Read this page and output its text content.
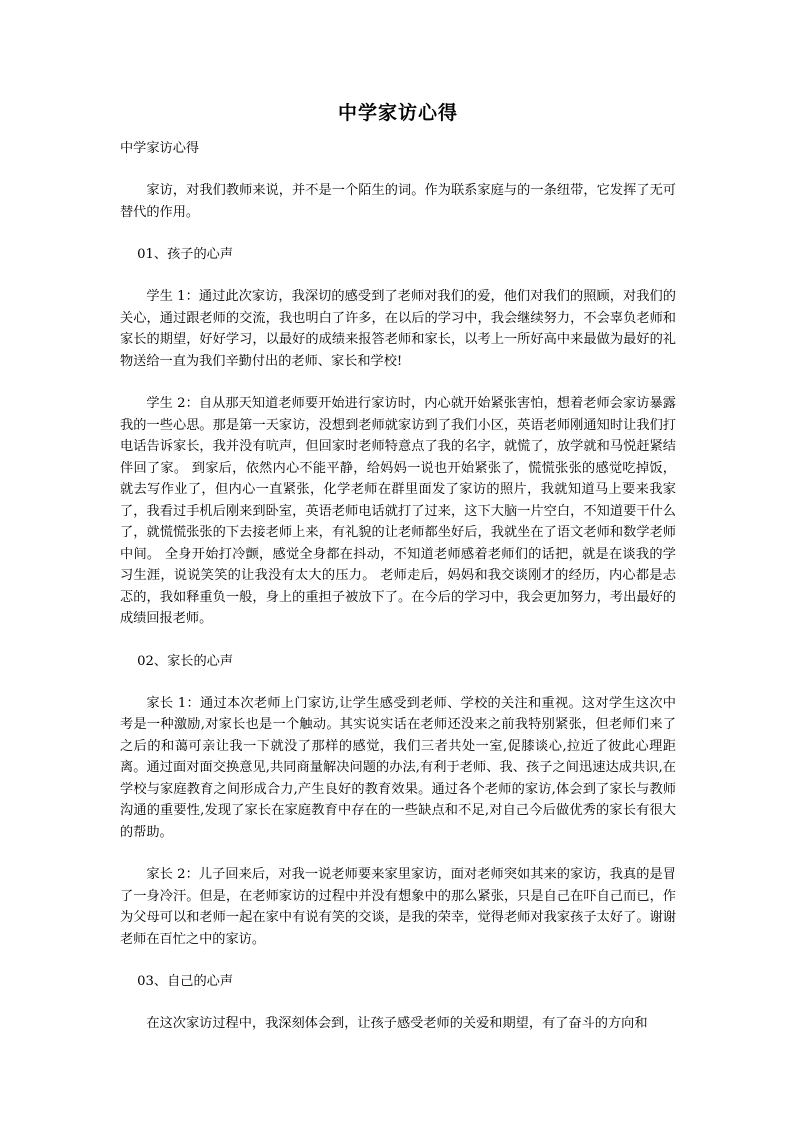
中学家访心得

中学家访心得

家访，对我们教师来说，并不是一个陌生的词。作为联系家庭与的一条纽带，它发挥了无可替代的作用。

01、孩子的心声

学生 1：通过此次家访，我深切的感受到了老师对我们的爱，他们对我们的照顾，对我们的关心，通过跟老师的交流，我也明白了许多，在以后的学习中，我会继续努力，不会辜负老师和家长的期望，好好学习，以最好的成绩来报答老师和家长，以考上一所好高中来最做为最好的礼物送给一直为我们辛勤付出的老师、家长和学校!

学生 2：自从那天知道老师要开始进行家访时，内心就开始紧张害怕，想着老师会家访暴露我的一些心思。那是第一天家访，没想到老师就家访到了我们小区，英语老师刚通知时让我们打电话告诉家长，我并没有吭声，但回家时老师特意点了我的名字，就慌了，放学就和马悦赶紧结伴回了家。 到家后，依然内心不能平静，给妈妈一说也开始紧张了，慌慌张张的感觉吃掉饭，就去写作业了，但内心一直紧张，化学老师在群里面发了家访的照片，我就知道马上要来我家了，我看过手机后刚来到卧室，英语老师电话就打了过来，这下大脑一片空白，不知道要干什么了，就慌慌张张的下去接老师上来，有礼貌的让老师都坐好后，我就坐在了语文老师和数学老师中间。 全身开始打冷颤，感觉全身都在抖动，不知道老师感着老师们的话把，就是在谈我的学习生涯，说说笑笑的让我没有太大的压力。 老师走后，妈妈和我交谈刚才的经历，内心都是忐忑的，我如释重负一般，身上的重担子被放下了。在今后的学习中，我会更加努力，考出最好的成绩回报老师。

02、家长的心声

家长 1：通过本次老师上门家访,让学生感受到老师、学校的关注和重视。这对学生这次中考是一种激励,对家长也是一个触动。其实说实话在老师还没来之前我特别紧张，但老师们来了之后的和蔼可亲让我一下就没了那样的感觉，我们三者共处一室,促膝谈心,拉近了彼此心理距离。通过面对面交换意见,共同商量解决问题的办法,有利于老师、我、孩子之间迅速达成共识,在学校与家庭教育之间形成合力,产生良好的教育效果。通过各个老师的家访,体会到了家长与教师沟通的重要性,发现了家长在家庭教育中存在的一些缺点和不足,对自己今后做优秀的家长有很大的帮助。

家长 2：儿子回来后，对我一说老师要来家里家访，面对老师突如其来的家访，我真的是冒了一身冷汗。但是，在老师家访的过程中并没有想象中的那么紧张，只是自己在吓自己而已，作为父母可以和老师一起在家中有说有笑的交谈，是我的荣幸，觉得老师对我家孩子太好了。谢谢老师在百忙之中的家访。

03、自己的心声

在这次家访过程中，我深刻体会到，让孩子感受老师的关爱和期望，有了奋斗的方向和
